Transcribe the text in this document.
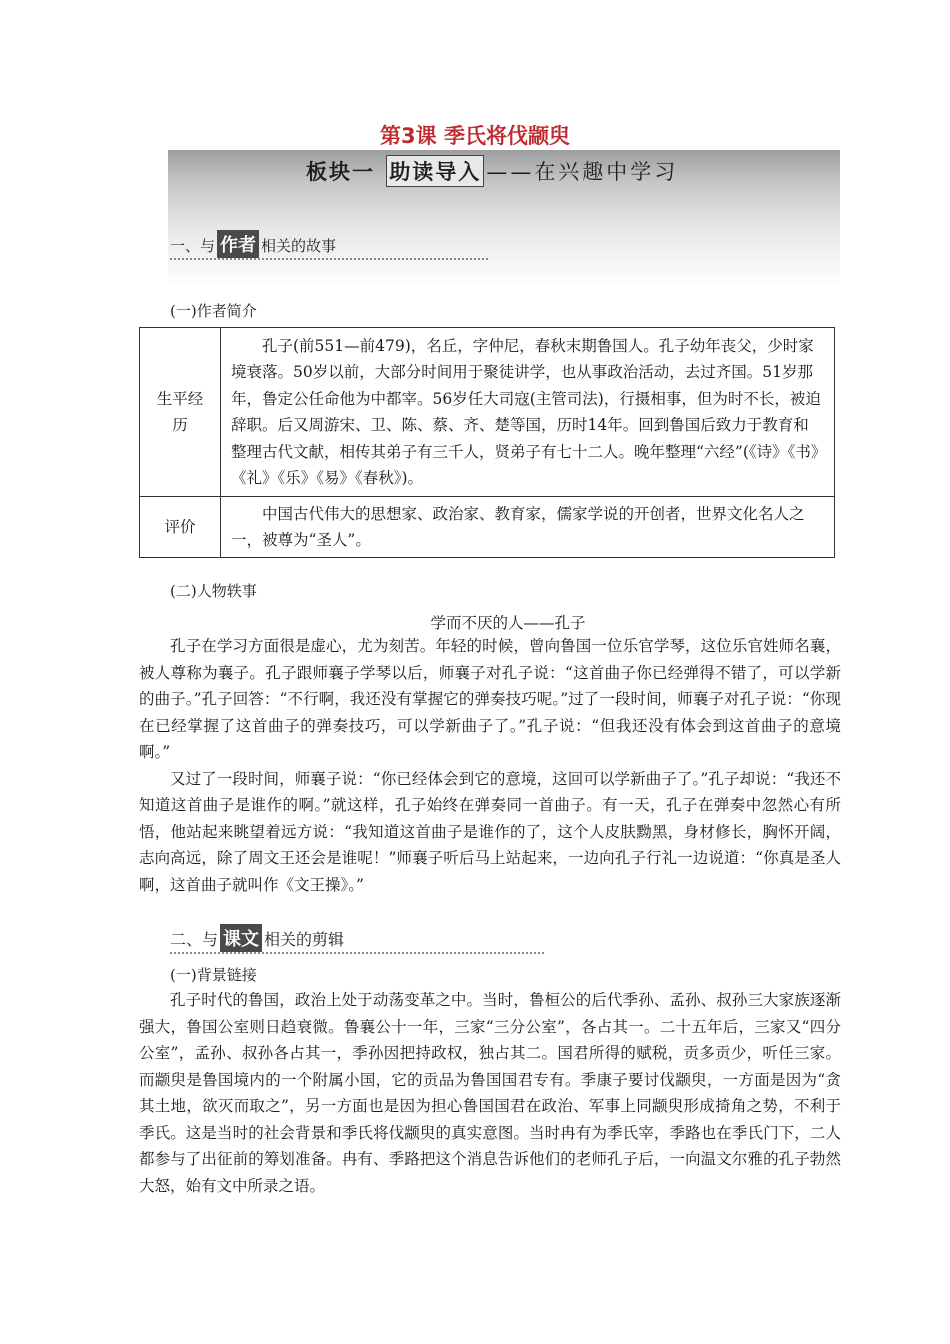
第3课 季氏将伐颛臾
板块一 助读导入 ——在兴趣中学习
一、与 作者 相关的故事
(一)作者简介
生平经历	孔子(前551—前479)，名丘，字仲尼，春秋末期鲁国人。孔子幼年丧父，少时家境衰落。50岁以前，大部分时间用于聚徒讲学，也从事政治活动，去过齐国。51岁那年，鲁定公任命他为中都宰。56岁任大司寇(主管司法)，行摄相事，但为时不长，被迫辞职。后又周游宋、卫、陈、蔡、齐、楚等国，历时14年。回到鲁国后致力于教育和整理古代文献，相传其弟子有三千人，贤弟子有七十二人。晚年整理“六经”(《诗》《书》《礼》《乐》《易》《春秋》)。
评价	中国古代伟大的思想家、政治家、教育家，儒家学说的开创者，世界文化名人之一，被尊为“圣人”。
(二)人物轶事
学而不厌的人——孔子

孔子在学习方面很是虚心，尤为刻苦。年轻的时候，曾向鲁国一位乐官学琴，这位乐官姓师名襄，被人尊称为襄子。孔子跟师襄子学琴以后，师襄子对孔子说：“这首曲子你已经弹得不错了，可以学新的曲子。”孔子回答：“不行啊，我还没有掌握它的弹奏技巧呢。”过了一段时间，师襄子对孔子说：“你现在已经掌握了这首曲子的弹奏技巧，可以学新曲子了。”孔子说：“但我还没有体会到这首曲子的意境啊。”

又过了一段时间，师襄子说：“你已经体会到它的意境，这回可以学新曲子了。”孔子却说：“我还不知道这首曲子是谁作的啊。”就这样，孔子始终在弹奏同一首曲子。有一天，孔子在弹奏中忽然心有所悟，他站起来眺望着远方说：“我知道这首曲子是谁作的了，这个人皮肤黝黑，身材修长，胸怀开阔，志向高远，除了周文王还会是谁呢！”师襄子听后马上站起来，一边向孔子行礼一边说道：“你真是圣人啊，这首曲子就叫作《文王操》。”

二、与 课文 相关的剪辑
(一)背景链接

孔子时代的鲁国，政治上处于动荡变革之中。当时，鲁桓公的后代季孙、孟孙、叔孙三大家族逐渐强大，鲁国公室则日趋衰微。鲁襄公十一年，三家“三分公室”，各占其一。二十五年后，三家又“四分公室”，孟孙、叔孙各占其一，季孙因把持政权，独占其二。国君所得的赋税，贡多贡少，听任三家。而颛臾是鲁国境内的一个附属小国，它的贡品为鲁国国君专有。季康子要讨伐颛臾，一方面是因为“贪其土地，欲灭而取之”，另一方面也是因为担心鲁国国君在政治、军事上同颛臾形成掎角之势，不利于季氏。这是当时的社会背景和季氏将伐颛臾的真实意图。当时冉有为季氏宰，季路也在季氏门下，二人都参与了出征前的筹划准备。冉有、季路把这个消息告诉他们的老师孔子后，一向温文尔雅的孔子勃然大怒，始有文中所录之语。
